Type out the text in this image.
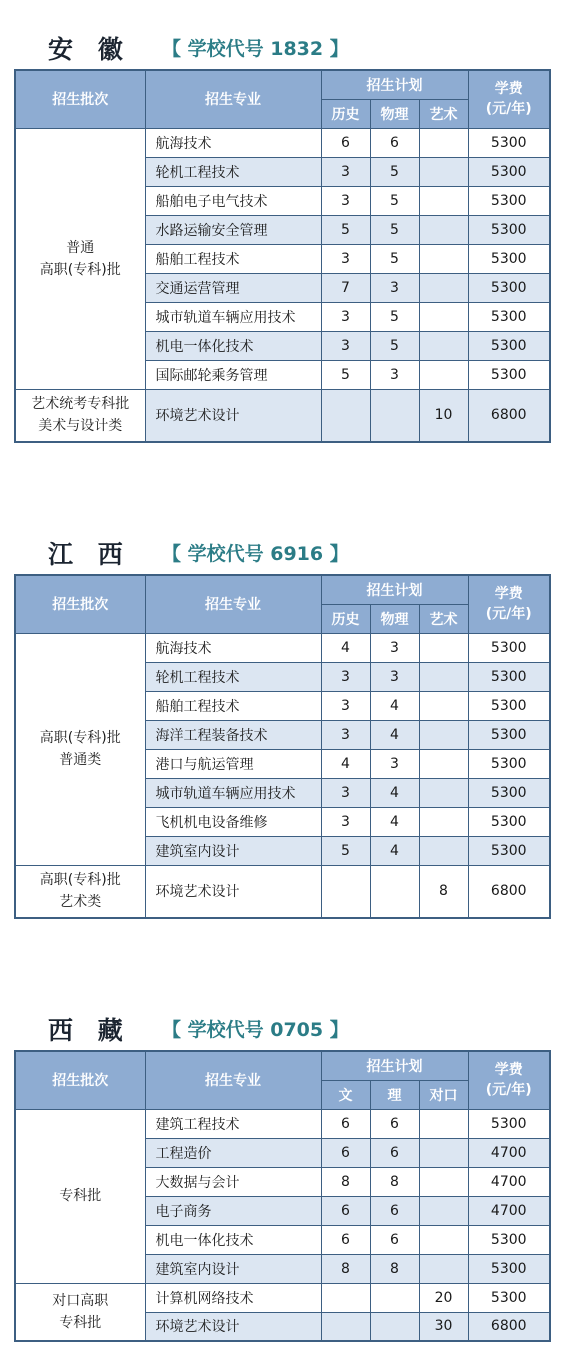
安 徽 【 学校代号 1832 】
招生批次	招生专业	招生计划			学费
(元/年)

		历史	物理	艺术	

普通
高职(专科)批	航海技术	6	6		5300
	轮机工程技术	3	5		5300
	船舶电子电气技术	3	5		5300
	水路运输安全管理	5	5		5300
	船舶工程技术	3	5		5300
	交通运营管理	7	3		5300
	城市轨道车辆应用技术	3	5		5300
	机电一体化技术	3	5		5300
	国际邮轮乘务管理	5	3		5300

艺术统考专科批
美术与设计类	环境艺术设计			10	6800
江 西 【 学校代号 6916 】
招生批次	招生专业	招生计划			学费
(元/年)

		历史	物理	艺术	

高职(专科)批
普通类	航海技术	4	3		5300
	轮机工程技术	3	3		5300
	船舶工程技术	3	4		5300
	海洋工程装备技术	3	4		5300
	港口与航运管理	4	3		5300
	城市轨道车辆应用技术	3	4		5300
	飞机机电设备维修	3	4		5300
	建筑室内设计	5	4		5300

高职(专科)批
艺术类	环境艺术设计			8	6800
西 藏 【 学校代号 0705 】
招生批次	招生专业	招生计划			学费
(元/年)

		文	理	对口	

专科批	建筑工程技术	6	6		5300
	工程造价	6	6		4700
	大数据与会计	8	8		4700
	电子商务	6	6		4700
	机电一体化技术	6	6		5300
	建筑室内设计	8	8		5300

对口高职
专科批	计算机网络技术			20	5300
	环境艺术设计			30	6800
